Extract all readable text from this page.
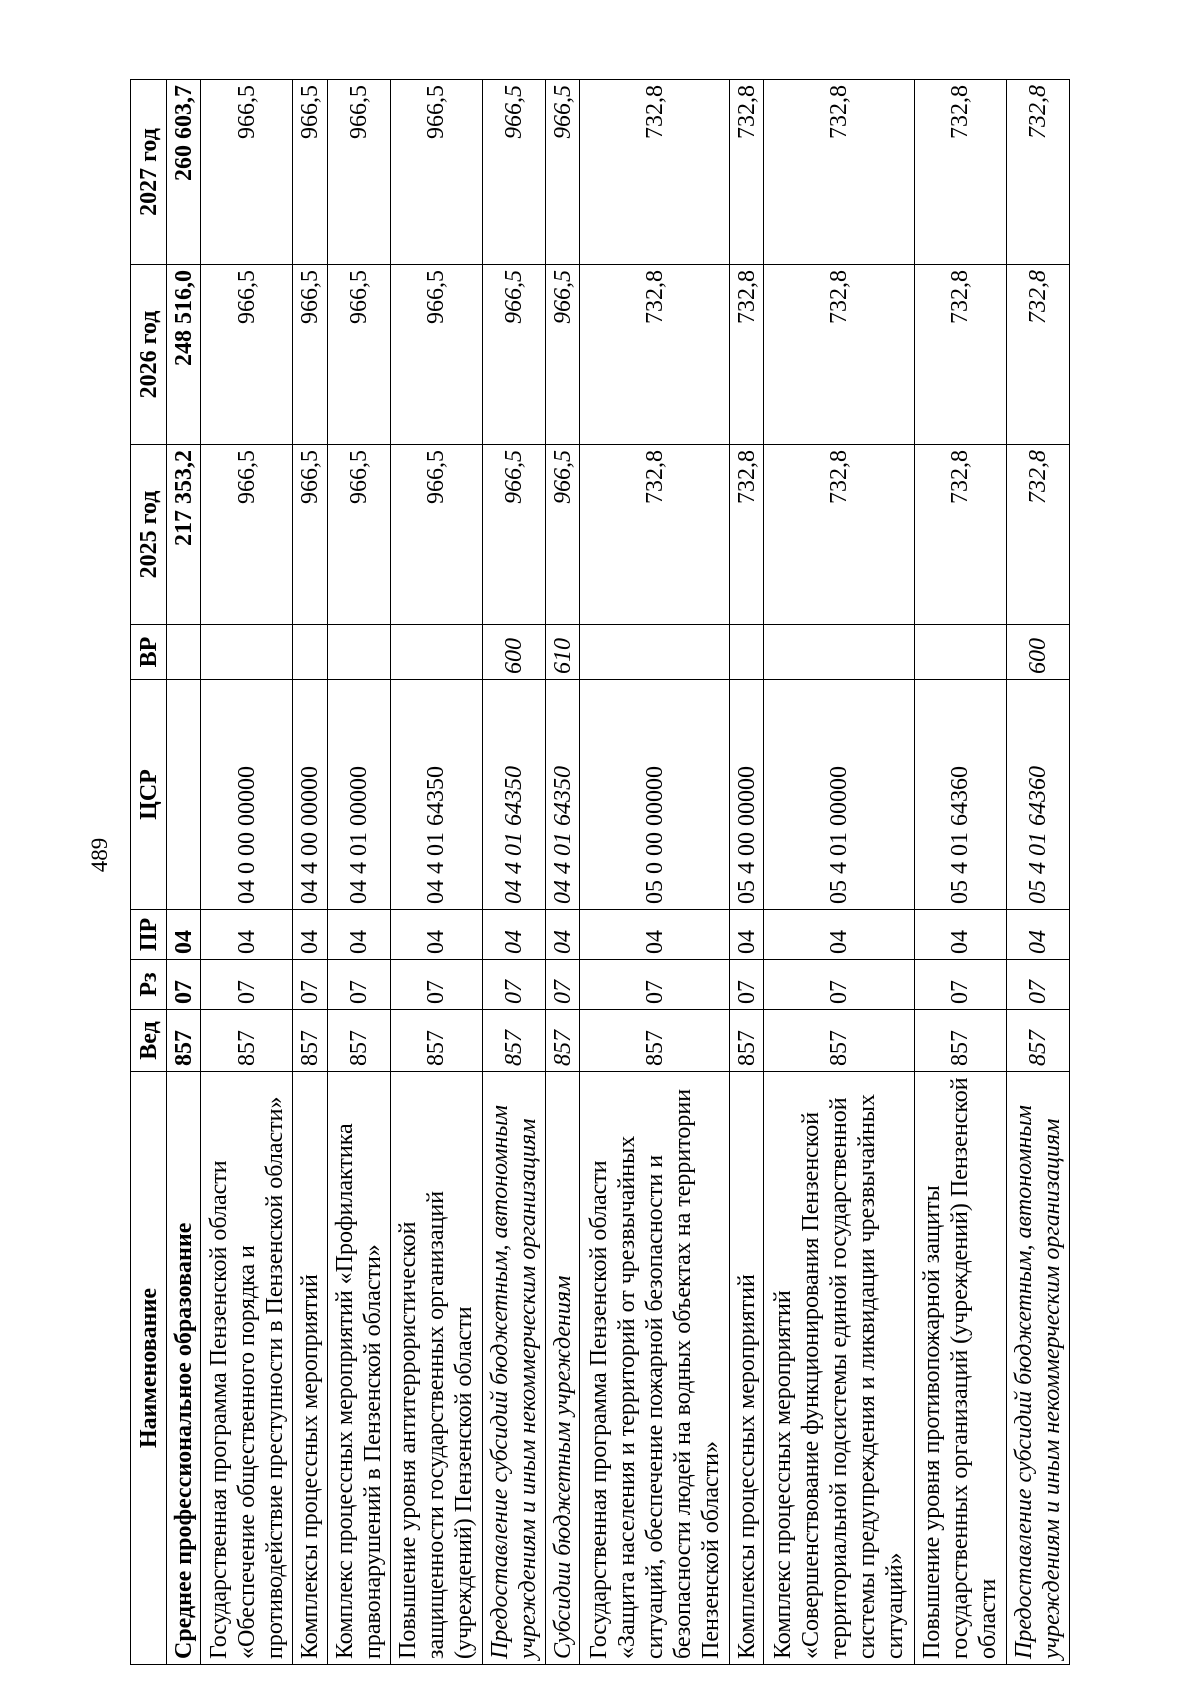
489
Наименование	Вед	Рз	ПР	ЦСР	ВР	2025 год	2026 год	2027 год
Среднее профессиональное образование	857	07	04			217 353,2	248 516,0	260 603,7
Государственная программа Пензенской области «Обеспечение общественного порядка и противодействие преступности в Пензенской области»	857	07	04	04 0 00 00000		966,5	966,5	966,5
Комплексы процессных мероприятий	857	07	04	04 4 00 00000		966,5	966,5	966,5
Комплекс процессных мероприятий «Профилактика правонарушений в Пензенской области»	857	07	04	04 4 01 00000		966,5	966,5	966,5
Повышение уровня антитеррористической защищенности государственных организаций (учреждений) Пензенской области	857	07	04	04 4 01 64350		966,5	966,5	966,5
Предоставление субсидий бюджетным, автономным учреждениям и иным некоммерческим организациям	857	07	04	04 4 01 64350	600	966,5	966,5	966,5
Субсидии бюджетным учреждениям	857	07	04	04 4 01 64350	610	966,5	966,5	966,5
Государственная программа Пензенской области «Защита населения и территорий от чрезвычайных ситуаций, обеспечение пожарной безопасности и безопасности людей на водных объектах на территории Пензенской области»	857	07	04	05 0 00 00000		732,8	732,8	732,8
Комплексы процессных мероприятий	857	07	04	05 4 00 00000		732,8	732,8	732,8
Комплекс процессных мероприятий «Совершенствование функционирования Пензенской территориальной подсистемы единой государственной системы предупреждения и ликвидации чрезвычайных ситуаций»	857	07	04	05 4 01 00000		732,8	732,8	732,8
Повышение уровня противопожарной защиты государственных организаций (учреждений) Пензенской области	857	07	04	05 4 01 64360		732,8	732,8	732,8
Предоставление субсидий бюджетным, автономным учреждениям и иным некоммерческим организациям	857	07	04	05 4 01 64360	600	732,8	732,8	732,8
